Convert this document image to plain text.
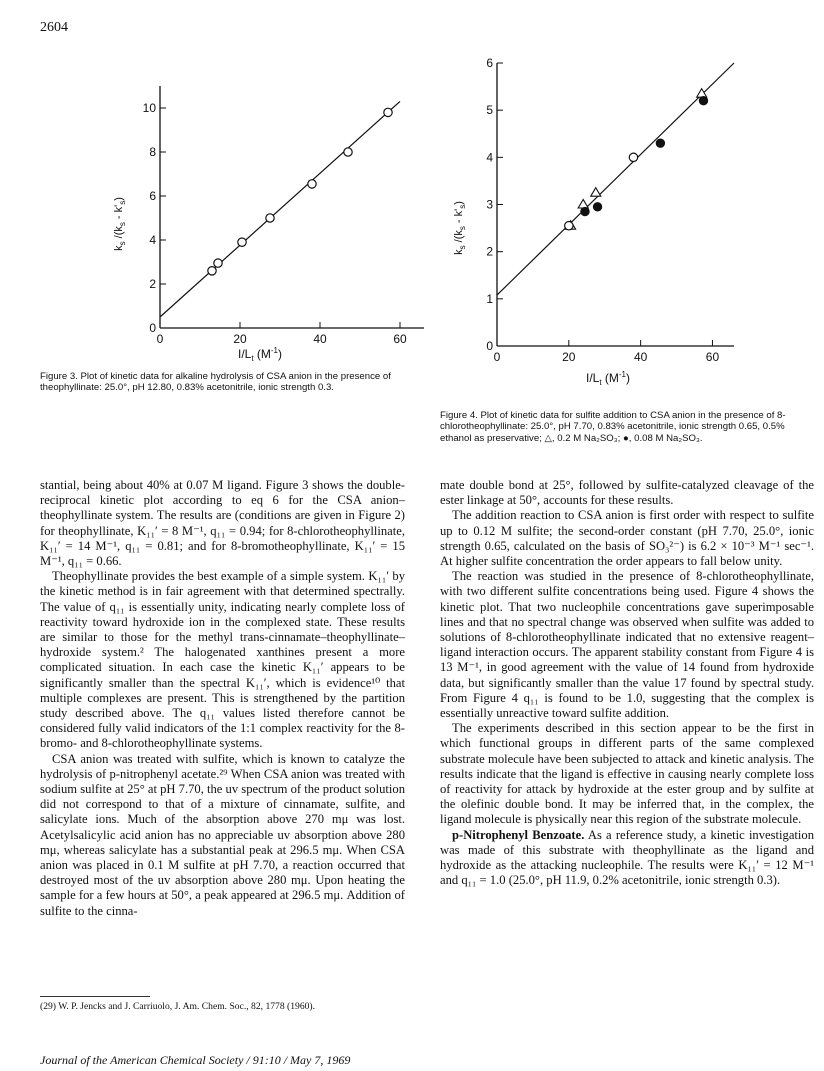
2604
$k_s$ $/(k_s - k'_s)$
0	20	40	60
0
2
4
6
8
10
$I/L_t$ $(M^{-1})$
Figure 3. Plot of kinetic data for alkaline hydrolysis of CSA anion in the presence of theophyllinate: 25.0°, pH 12.80, 0.83% acetonitrile, ionic strength 0.3.
$k_s$ $/(k_s - k'_s)$
0	20	40	60
0
1
2
3
4
5
6
$I/L_t$ $(M^{-1})$
Figure 4. Plot of kinetic data for sulfite addition to CSA anion in the presence of 8-chlorotheophyllinate: 25.0°, pH 7.70, 0.83% acetonitrile, ionic strength 0.65, 0.5% ethanol as preservative; △, 0.2 M Na₂SO₃; ●, 0.08 M Na₂SO₃.

stantial, being about 40% at 0.07 M ligand. Figure 3 shows the double-reciprocal kinetic plot according to eq 6 for the CSA anion–theophyllinate system. The results are (conditions are given in Figure 2) for theophyllinate, K₁₁′ = 8 M⁻¹, q₁₁ = 0.94; for 8-chlorotheophyllinate, K₁₁′ = 14 M⁻¹, q₁₁ = 0.81; and for 8-bromotheophyllinate, K₁₁′ = 15 M⁻¹, q₁₁ = 0.66.

Theophyllinate provides the best example of a simple system. K₁₁′ by the kinetic method is in fair agreement with that determined spectrally. The value of q₁₁ is essentially unity, indicating nearly complete loss of reactivity toward hydroxide ion in the complexed state. These results are similar to those for the methyl trans-cinnamate–theophyllinate–hydroxide system.² The halogenated xanthines present a more complicated situation. In each case the kinetic K₁₁′ appears to be significantly smaller than the spectral K₁₁′, which is evidence¹⁰ that multiple complexes are present. This is strengthened by the partition study described above. The q₁₁ values listed therefore cannot be considered fully valid indicators of the 1:1 complex reactivity for the 8-bromo- and 8-chlorotheophyllinate systems.

CSA anion was treated with sulfite, which is known to catalyze the hydrolysis of p-nitrophenyl acetate.²⁹ When CSA anion was treated with sodium sulfite at 25° at pH 7.70, the uv spectrum of the product solution did not correspond to that of a mixture of cinnamate, sulfite, and salicylate ions. Much of the absorption above 270 mμ was lost. Acetylsalicylic acid anion has no appreciable uv absorption above 280 mμ, whereas salicylate has a substantial peak at 296.5 mμ. When CSA anion was placed in 0.1 M sulfite at pH 7.70, a reaction occurred that destroyed most of the uv absorption above 280 mμ. Upon heating the sample for a few hours at 50°, a peak appeared at 296.5 mμ. Addition of sulfite to the cinna-

(29) W. P. Jencks and J. Carriuolo, J. Am. Chem. Soc., 82, 1778 (1960).

mate double bond at 25°, followed by sulfite-catalyzed cleavage of the ester linkage at 50°, accounts for these results.

The addition reaction to CSA anion is first order with respect to sulfite up to 0.12 M sulfite; the second-order constant (pH 7.70, 25.0°, ionic strength 0.65, calculated on the basis of SO₃²⁻) is 6.2 × 10⁻³ M⁻¹ sec⁻¹. At higher sulfite concentration the order appears to fall below unity.

The reaction was studied in the presence of 8-chlorotheophyllinate, with two different sulfite concentrations being used. Figure 4 shows the kinetic plot. That two nucleophile concentrations gave superimposable lines and that no spectral change was observed when sulfite was added to solutions of 8-chlorotheophyllinate indicated that no extensive reagent–ligand interaction occurs. The apparent stability constant from Figure 4 is 13 M⁻¹, in good agreement with the value of 14 found from hydroxide data, but significantly smaller than the value 17 found by spectral study. From Figure 4 q₁₁ is found to be 1.0, suggesting that the complex is essentially unreactive toward sulfite addition.

The experiments described in this section appear to be the first in which functional groups in different parts of the same complexed substrate molecule have been subjected to attack and kinetic analysis. The results indicate that the ligand is effective in causing nearly complete loss of reactivity for attack by hydroxide at the ester group and by sulfite at the olefinic double bond. It may be inferred that, in the complex, the ligand molecule is physically near this region of the substrate molecule.

p-Nitrophenyl Benzoate. As a reference study, a kinetic investigation was made of this substrate with theophyllinate as the ligand and hydroxide as the attacking nucleophile. The results were K₁₁′ = 12 M⁻¹ and q₁₁ = 1.0 (25.0°, pH 11.9, 0.2% acetonitrile, ionic strength 0.3).

Journal of the American Chemical Society / 91:10 / May 7, 1969
